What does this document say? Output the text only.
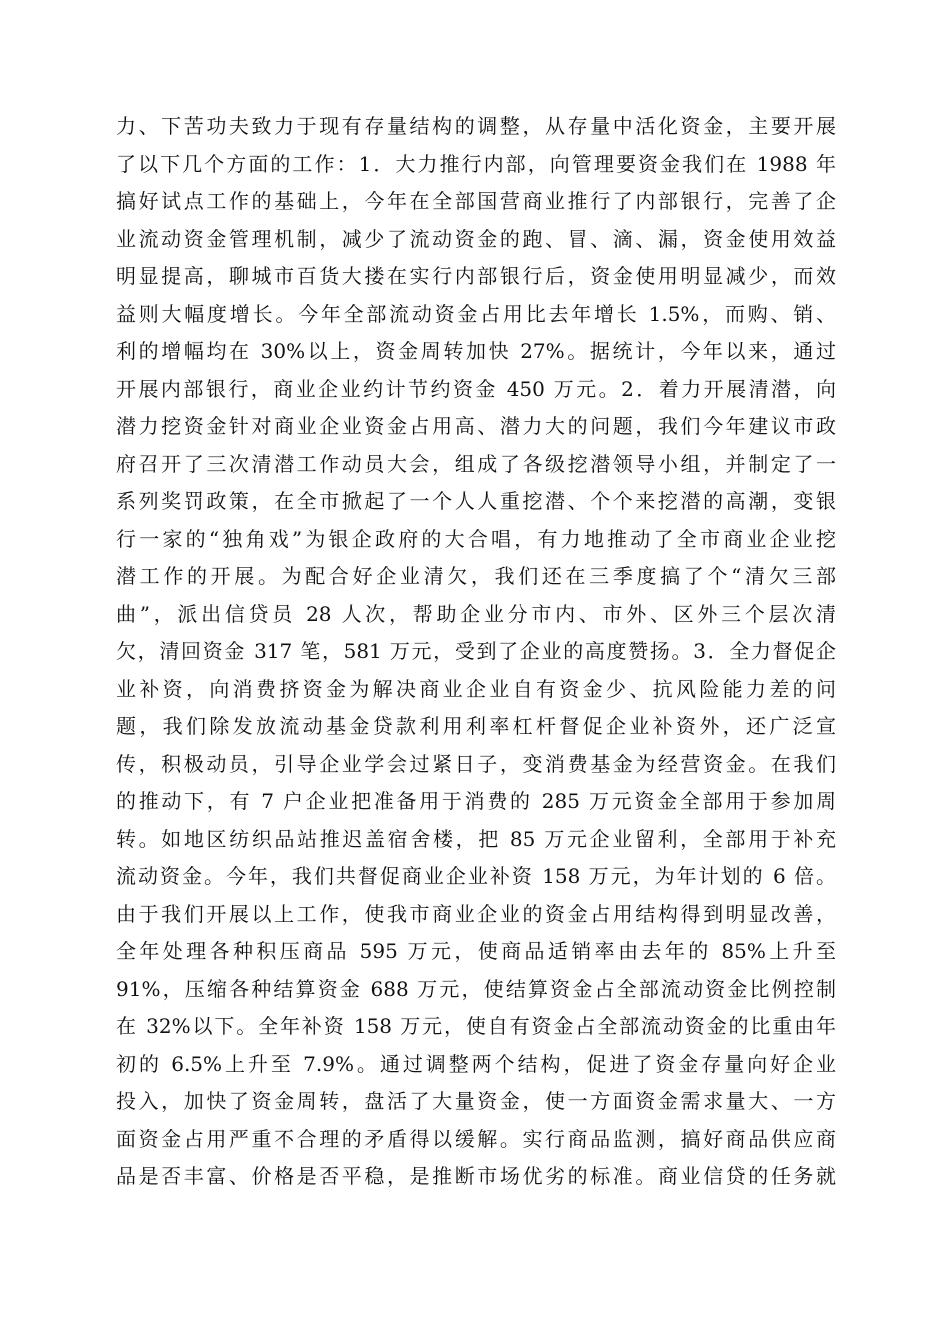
力、下苦功夫致力于现有存量结构的调整，从存量中活化资金，主要开展
了以下几个方面的工作：1．大力推行内部，向管理要资金我们在 1988 年
搞好试点工作的基础上，今年在全部国营商业推行了内部银行，完善了企
业流动资金管理机制，减少了流动资金的跑、冒、滴、漏，资金使用效益
明显提高，聊城市百货大搂在实行内部银行后，资金使用明显减少，而效
益则大幅度增长。今年全部流动资金占用比去年增长 1.5%，而购、销、
利的增幅均在 30%以上，资金周转加快 27%。据统计，今年以来，通过
开展内部银行，商业企业约计节约资金 450 万元。2．着力开展清潜，向
潜力挖资金针对商业企业资金占用高、潜力大的问题，我们今年建议市政
府召开了三次清潜工作动员大会，组成了各级挖潜领导小组，并制定了一
系列奖罚政策，在全市掀起了一个人人重挖潜、个个来挖潜的高潮，变银
行一家的“独角戏”为银企政府的大合唱，有力地推动了全市商业企业挖
潜工作的开展。为配合好企业清欠，我们还在三季度搞了个“清欠三部
曲”，派出信贷员 28 人次，帮助企业分市内、市外、区外三个层次清
欠，清回资金 317 笔，581 万元，受到了企业的高度赞扬。3．全力督促企
业补资，向消费挤资金为解决商业企业自有资金少、抗风险能力差的问
题，我们除发放流动基金贷款利用利率杠杆督促企业补资外，还广泛宣
传，积极动员，引导企业学会过紧日子，变消费基金为经营资金。在我们
的推动下，有 7 户企业把准备用于消费的 285 万元资金全部用于参加周
转。如地区纺织品站推迟盖宿舍楼，把 85 万元企业留利，全部用于补充
流动资金。今年，我们共督促商业企业补资 158 万元，为年计划的 6 倍。
由于我们开展以上工作，使我市商业企业的资金占用结构得到明显改善，
全年处理各种积压商品 595 万元，使商品适销率由去年的 85%上升至
91%，压缩各种结算资金 688 万元，使结算资金占全部流动资金比例控制
在 32%以下。全年补资 158 万元，使自有资金占全部流动资金的比重由年
初的 6.5%上升至 7.9%。通过调整两个结构，促进了资金存量向好企业
投入，加快了资金周转，盘活了大量资金，使一方面资金需求量大、一方
面资金占用严重不合理的矛盾得以缓解。实行商品监测，搞好商品供应商
品是否丰富、价格是否平稳，是推断市场优劣的标准。商业信贷的任务就
